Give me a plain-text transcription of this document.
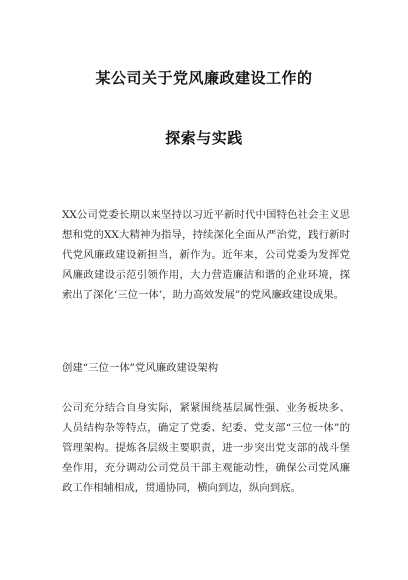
某公司关于党风廉政建设工作的
探索与实践
XX公司党委长期以来坚持以习近平新时代中国特色社会主义思想和党的XX大精神为指导，持续深化全面从严治党，践行新时代党风廉政建设新担当，新作为。近年来，公司党委为发挥党风廉政建设示范引领作用，大力营造廉洁和谐的企业环境，探索出了深化‘三位一体’，助力高效发展”的党风廉政建设成果。
创建“三位一体”党风廉政建设架构
公司充分结合自身实际，紧紧围绕基层属性强、业务板块多、人员结构杂等特点，确定了党委、纪委、党支部“三位一体”的管理架构。提炼各层级主要职责，进一步突出党支部的战斗堡垒作用，充分调动公司党员干部主观能动性，确保公司党风廉政工作相辅相成，贯通协同，横向到边，纵向到底。
